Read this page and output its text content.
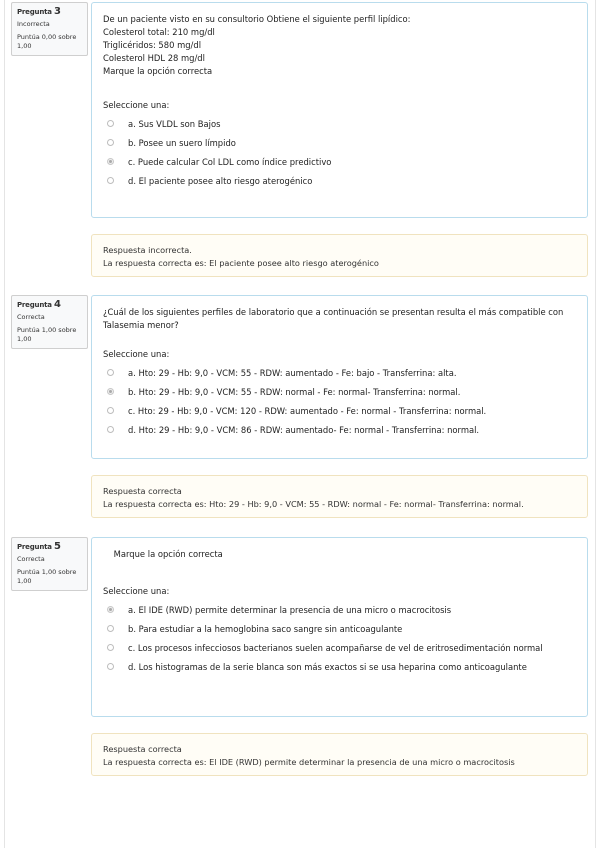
Pregunta 3
Incorrecta
Puntúa 0,00 sobre 1,00
De un paciente visto en su consultorio Obtiene el siguiente perfil lipídico:
Colesterol total: 210 mg/dl
Triglicéridos: 580 mg/dl
Colesterol HDL 28 mg/dl
Marque la opción correcta
Seleccione una:
a. Sus VLDL son Bajos
b. Posee un suero límpido
c. Puede calcular Col LDL como índice predictivo
d. El paciente posee alto riesgo aterogénico
Respuesta incorrecta.
La respuesta correcta es: El paciente posee alto riesgo aterogénico
Pregunta 4
Correcta
Puntúa 1,00 sobre 1,00
¿Cuál de los siguientes perfiles de laboratorio que a continuación se presentan resulta el más compatible con Talasemia menor?
Seleccione una:
a. Hto: 29 - Hb: 9,0 - VCM: 55 - RDW: aumentado - Fe: bajo - Transferrina: alta.
b. Hto: 29 - Hb: 9,0 - VCM: 55 - RDW: normal - Fe: normal- Transferrina: normal.
c. Hto: 29 - Hb: 9,0 - VCM: 120 - RDW: aumentado - Fe: normal - Transferrina: normal.
d. Hto: 29 - Hb: 9,0 - VCM: 86 - RDW: aumentado- Fe: normal - Transferrina: normal.
Respuesta correcta
La respuesta correcta es: Hto: 29 - Hb: 9,0 - VCM: 55 - RDW: normal - Fe: normal- Transferrina: normal.
Pregunta 5
Correcta
Puntúa 1,00 sobre 1,00
Marque la opción correcta
Seleccione una:
a. El IDE (RWD) permite determinar la presencia de una micro o macrocitosis
b. Para estudiar a la hemoglobina saco sangre sin anticoagulante
c. Los procesos infecciosos bacterianos suelen acompañarse de vel de eritrosedimentación normal
d. Los histogramas de la serie blanca son más exactos si se usa heparina como anticoagulante
Respuesta correcta
La respuesta correcta es: El IDE (RWD) permite determinar la presencia de una micro o macrocitosis
